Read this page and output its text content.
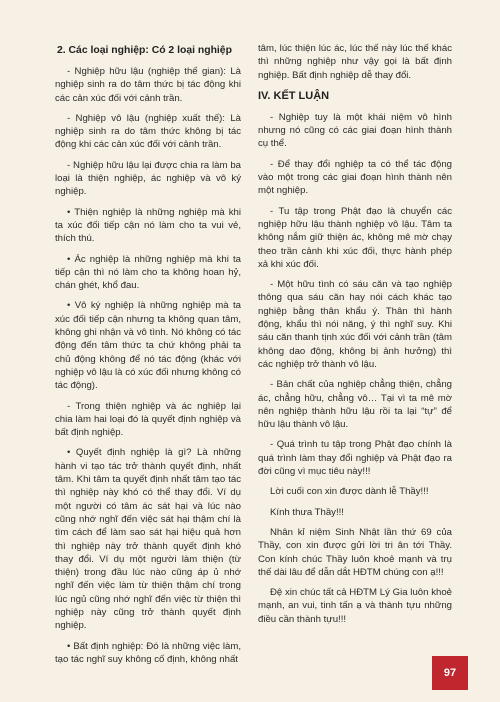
2. Các loại nghiệp: Có 2 loại nghiệp

- Nghiệp hữu lậu (nghiệp thế gian): Là nghiệp sinh ra do tâm thức bị tác động khi các cản xúc đối với cảnh trần.

- Nghiệp vô lậu (nghiệp xuất thế): Là nghiệp sinh ra do tâm thức không bị tác động khi các cản xúc đối với cảnh trần.

- Nghiệp hữu lậu lại được chia ra làm ba loại là thiện nghiệp, ác nghiệp và vô ký nghiệp.

• Thiện nghiệp là những nghiệp mà khi ta xúc đối tiếp cận nó làm cho ta vui vẻ, thích thú.

• Ác nghiệp là những nghiệp mà khi ta tiếp cận thì nó làm cho ta không hoan hỷ, chán ghét, khổ đau.

• Vô ký nghiệp là những nghiệp mà ta xúc đối tiếp cận nhưng ta không quan tâm, không ghi nhận và vô tình. Nó không có tác động đến tâm thức ta chứ không phải ta chủ động không để nó tác động (khác với nghiệp vô lậu là có xúc đối nhưng không có tác động).

- Trong thiện nghiệp và ác nghiệp lại chia làm hai loại đó là quyết định nghiệp và bất định nghiệp.

• Quyết định nghiệp là gì? Là những hành vi tạo tác trở thành quyết định, nhất tâm. Khi tâm ta quyết định nhất tâm tạo tác thì nghiệp này khó có thể thay đổi. Ví dụ một người có tâm ác sát hại và lúc nào cũng nhớ nghĩ đến việc sát hại thậm chí là tìm cách để làm sao sát hại hiệu quả hơn thì nghiệp này trở thành quyết định khó thay đổi. Ví dụ một người làm thiện (từ thiện) trong đầu lúc nào cũng áp ủ nhớ nghĩ đến việc làm từ thiện thậm chí trong lúc ngủ cũng nhớ nghĩ đến việc từ thiện thì nghiệp này cũng trở thành quyết định nghiệp.

• Bất định nghiệp: Đó là những việc làm, tạo tác nghĩ suy không cố định, không nhất

tâm, lúc thiện lúc ác, lúc thế này lúc thế khác thì những nghiệp như vậy gọi là bất định nghiệp. Bất định nghiệp dễ thay đổi.

IV. KẾT LUẬN

- Nghiệp tuy là một khái niệm vô hình nhưng nó cũng có các giai đoạn hình thành cụ thể.

- Để thay đổi nghiệp ta có thể tác động vào một trong các giai đoạn hình thành nên một nghiệp.

- Tu tập trong Phật đạo là chuyển các nghiệp hữu lậu thành nghiệp vô lậu. Tâm ta không nắm giữ thiện ác, không mê mờ chạy theo trần cảnh khi xúc đối, thực hành phép xả khi xúc đối.

- Một hữu tình có sáu căn và tạo nghiệp thông qua sáu căn hay nói cách khác tạo nghiệp bằng thân khẩu ý. Thân thì hành động, khẩu thì nói năng, ý thì nghĩ suy. Khi sáu căn thanh tịnh xúc đối với cảnh trần (tâm không dao động, không bị ảnh hưởng) thì các nghiệp trở thành vô lậu.

- Bản chất của nghiệp chẳng thiện, chẳng ác, chẳng hữu, chẳng vô… Tại vì ta mê mờ nên nghiệp thành hữu lậu rồi ta lại “tự” để hữu lậu thành vô lậu.

- Quá trình tu tập trong Phật đạo chính là quá trình làm thay đổi nghiệp và Phật đạo ra đời cũng vì mục tiêu này!!!

Lời cuối con xin được dành lễ Thầy!!!

Kính thưa Thầy!!!

Nhân kỉ niệm Sinh Nhật lần thứ 69 của Thầy, con xin được gửi lời tri ân tới Thầy. Con kính chúc Thầy luôn khoẻ mạnh và trụ thế dài lâu để dẫn dắt HĐTM chúng con ạ!!!

Đệ xin chúc tất cả HĐTM Lý Gia luôn khoẻ mạnh, an vui, tinh tấn ạ và thành tựu những điều cần thành tựu!!!

97
